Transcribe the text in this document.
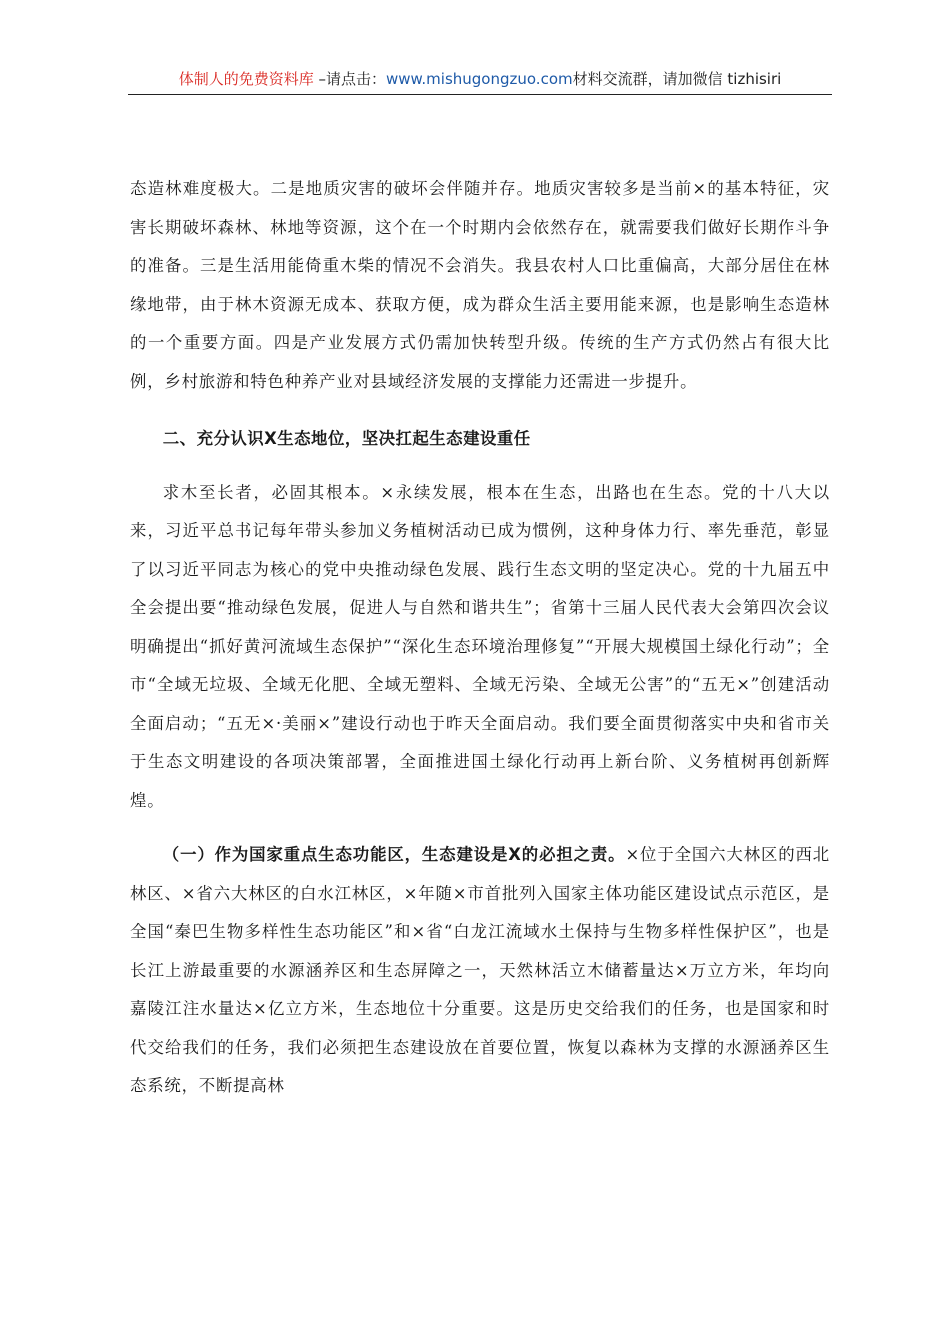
体制人的免费资料库 –请点击：www.mishugongzuo.com材料交流群，请加微信 tizhisiri

态造林难度极大。二是地质灾害的破坏会伴随并存。地质灾害较多是当前×的基本特征，灾害长期破坏森林、林地等资源，这个在一个时期内会依然存在，就需要我们做好长期作斗争的准备。三是生活用能倚重木柴的情况不会消失。我县农村人口比重偏高，大部分居住在林缘地带，由于林木资源无成本、获取方便，成为群众生活主要用能来源，也是影响生态造林的一个重要方面。四是产业发展方式仍需加快转型升级。传统的生产方式仍然占有很大比例，乡村旅游和特色种养产业对县域经济发展的支撑能力还需进一步提升。

二、充分认识X生态地位，坚决扛起生态建设重任

求木至长者，必固其根本。×永续发展，根本在生态，出路也在生态。党的十八大以来，习近平总书记每年带头参加义务植树活动已成为惯例，这种身体力行、率先垂范，彰显了以习近平同志为核心的党中央推动绿色发展、践行生态文明的坚定决心。党的十九届五中全会提出要“推动绿色发展，促进人与自然和谐共生”；省第十三届人民代表大会第四次会议明确提出“抓好黄河流域生态保护”“深化生态环境治理修复”“开展大规模国土绿化行动”；全市“全域无垃圾、全域无化肥、全域无塑料、全域无污染、全域无公害”的“五无×”创建活动全面启动；“五无×·美丽×”建设行动也于昨天全面启动。我们要全面贯彻落实中央和省市关于生态文明建设的各项决策部署，全面推进国土绿化行动再上新台阶、义务植树再创新辉煌。

（一）作为国家重点生态功能区，生态建设是X的必担之责。×位于全国六大林区的西北林区、×省六大林区的白水江林区，×年随×市首批列入国家主体功能区建设试点示范区，是全国“秦巴生物多样性生态功能区”和×省“白龙江流域水土保持与生物多样性保护区”，也是长江上游最重要的水源涵养区和生态屏障之一，天然林活立木储蓄量达×万立方米，年均向嘉陵江注水量达×亿立方米，生态地位十分重要。这是历史交给我们的任务，也是国家和时代交给我们的任务，我们必须把生态建设放在首要位置，恢复以森林为支撑的水源涵养区生态系统，不断提高林
